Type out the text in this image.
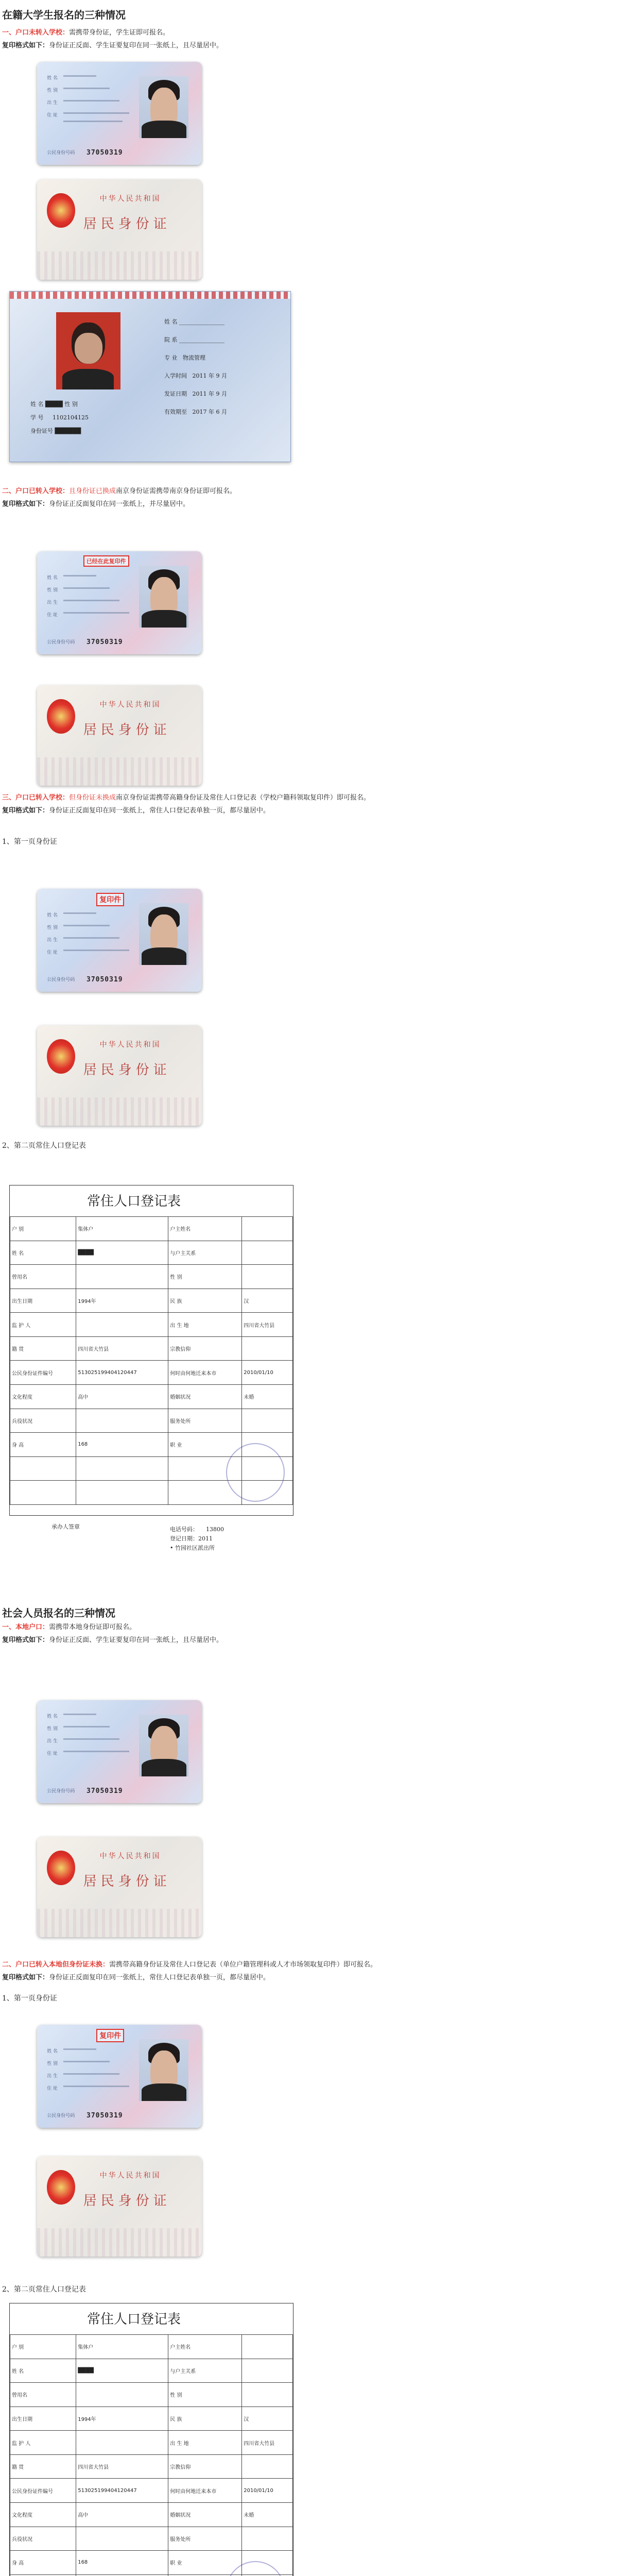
在籍大学生报名的三种情况
一、户口未转入学校：需携带身份证，学生证即可报名。
复印格式如下：身份证正反面、学生证要复印在同一张纸上，且尽量居中。
姓 名
性 别
出 生
住 址
公民身份号码 37050319
中华人民共和国
居民身份证
姓 名 ████ 性 别
学 号     1102104125
身份证号 ██████
姓 名 ________________
院 系 ________________
专 业   物流管理
入学时间   2011 年 9 月
发证日期   2011 年 9 月
有效期至   2017 年 6 月
二、户口已转入学校：且身份证已换成南京身份证需携带南京身份证即可报名。
复印格式如下：身份证正反面复印在同一张纸上，并尽量居中。
已经在此复印件
姓 名
性 别
出 生
住 址
公民身份号码 37050319
中华人民共和国
居民身份证
三、户口已转入学校：但身份证未换成南京身份证需携带高籍身份证及常住人口登记表（学校户籍科领取复印件）即可报名。
复印格式如下：身份证正反面复印在同一张纸上，常住人口登记表单独一页，都尽量居中。
1、第一页身份证
复印件
姓 名
性 别
出 生
住 址
公民身份号码 37050319
中华人民共和国
居民身份证
2、第二页常住人口登记表
常住人口登记表
户 别	集体户	户主姓名	
姓 名	████	与户主关系	
曾用名		性 别	
出生日期	1994年	民 族	汉
监 护 人		出 生 地	四川省大竹县
籍 贯	四川省大竹县	宗教信仰	
公民身份证件编号	513025199404120447	何时由何地迁来本市	2010/01/10
文化程度	高中	婚姻状况	未婚
兵役状况		服务处所	
身 高	168	职 业	

承办人签章	电话号码： 13800
登记日期：2011
• 竹园社区派出所
社会人员报名的三种情况
一、本地户口：需携带本地身份证即可报名。
复印格式如下：身份证正反面、学生证要复印在同一张纸上，且尽量居中。
姓 名
性 别
出 生
住 址
公民身份号码 37050319
中华人民共和国
居民身份证
二、户口已转入本地但身份证未换：需携带高籍身份证及常住人口登记表（单位户籍管理科或人才市场领取复印件）即可报名。
复印格式如下：身份证正反面复印在同一张纸上，常住人口登记表单独一页，都尽量居中。
1、第一页身份证
复印件
姓 名
性 别
出 生
住 址
公民身份号码 37050319
中华人民共和国
居民身份证
2、第二页常住人口登记表
常住人口登记表
户 别	集体户	户主姓名	
姓 名	████	与户主关系	
曾用名		性 别	
出生日期	1994年	民 族	汉
监 护 人		出 生 地	四川省大竹县
籍 贯	四川省大竹县	宗教信仰	
公民身份证件编号	513025199404120447	何时由何地迁来本市	2010/01/10
文化程度	高中	婚姻状况	未婚
兵役状况		服务处所	
身 高	168	职 业	
